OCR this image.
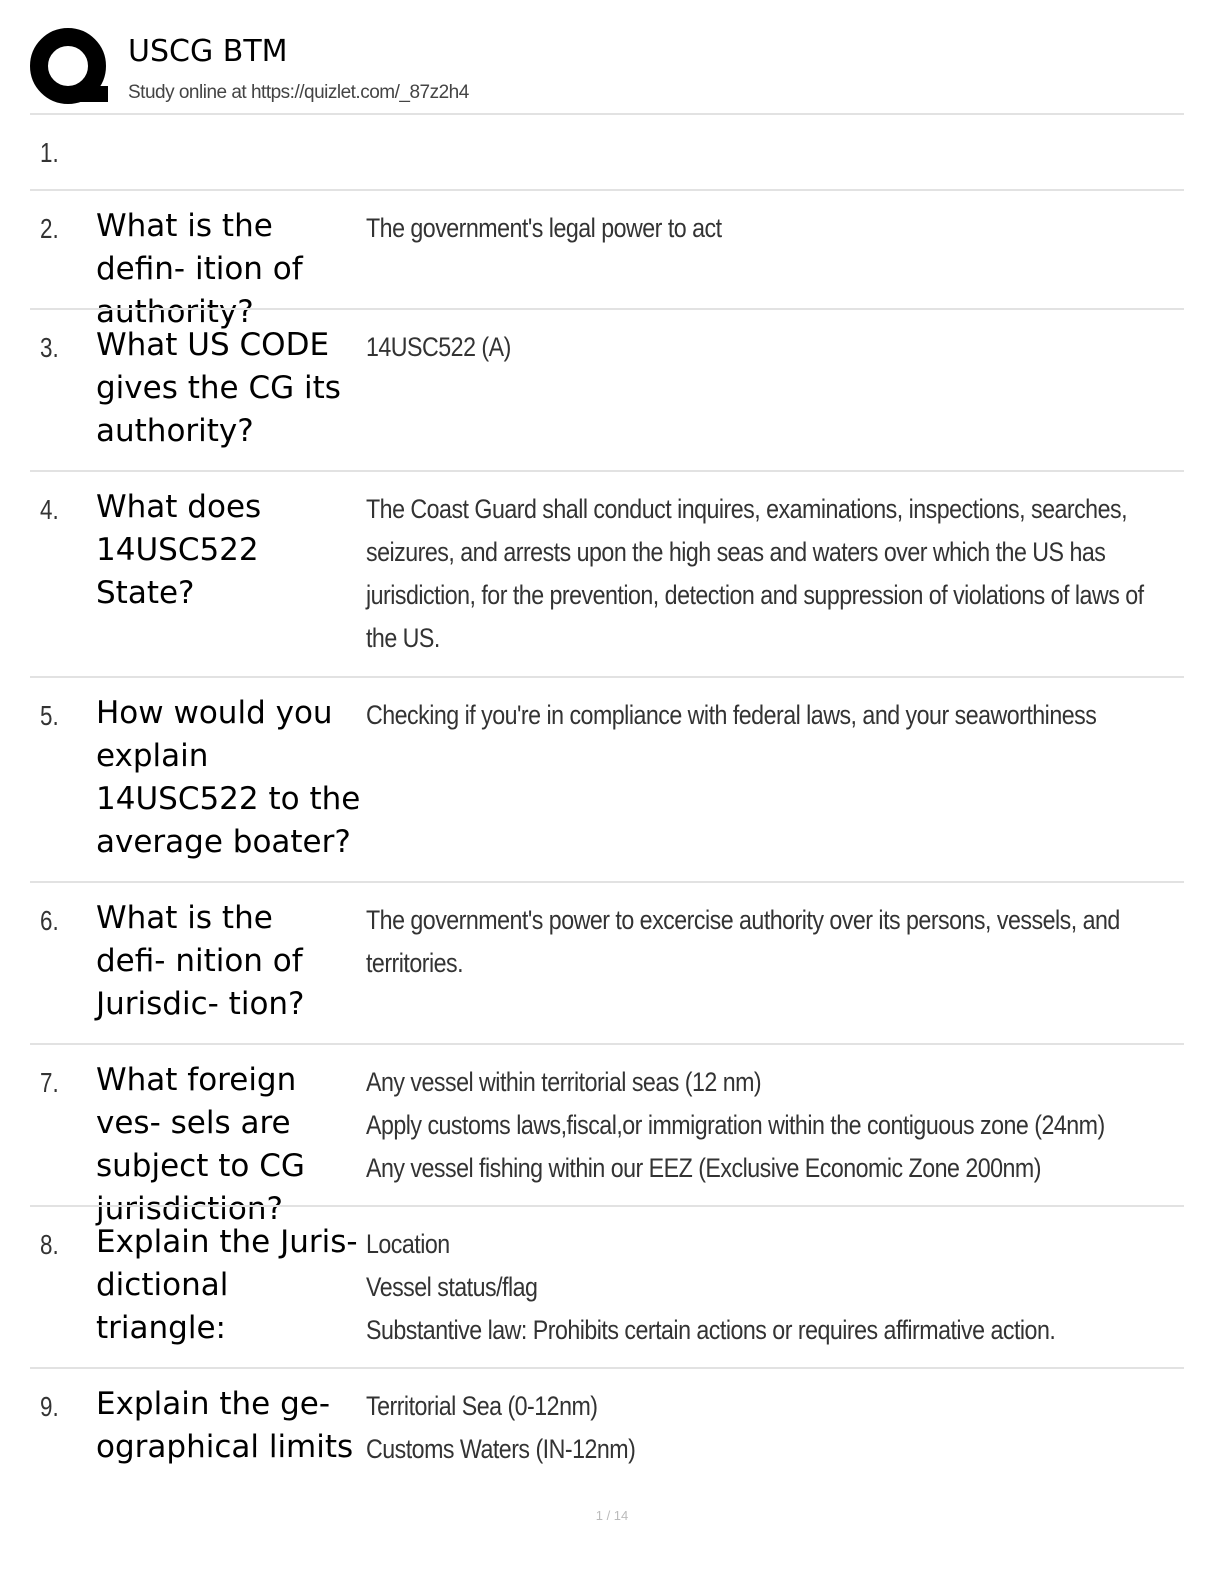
USCG BTM
Study online at https://quizlet.com/_87z2h4
1.
2. What is the defin- ition of authority?
The government's legal power to act
3. What US CODE gives the CG its authority?
14USC522 (A)
4. What does 14USC522 State?
The Coast Guard shall conduct inquires, examinations, inspections, searches, seizures, and arrests upon the high seas and waters over which the US has jurisdiction, for the prevention, detection and suppression of violations of laws of the US.
5. How would you explain 14USC522 to the average boater?
Checking if you're in compliance with federal laws, and your seaworthiness
6. What is the defi- nition of Jurisdic- tion?
The government's power to excercise authority over its persons, vessels, and territories.
7. What foreign ves- sels are subject to CG jurisdiction?
Any vessel within territorial seas (12 nm)
Apply customs laws,fiscal,or immigration within the contiguous zone (24nm)
Any vessel fishing within our EEZ (Exclusive Economic Zone 200nm)
8. Explain the Juris- dictional triangle:
Location
Vessel status/flag
Substantive law: Prohibits certain actions or requires affirmative action.
9. Explain the ge- ographical limits
Territorial Sea (0-12nm)
Customs Waters (IN-12nm)
1 / 14
